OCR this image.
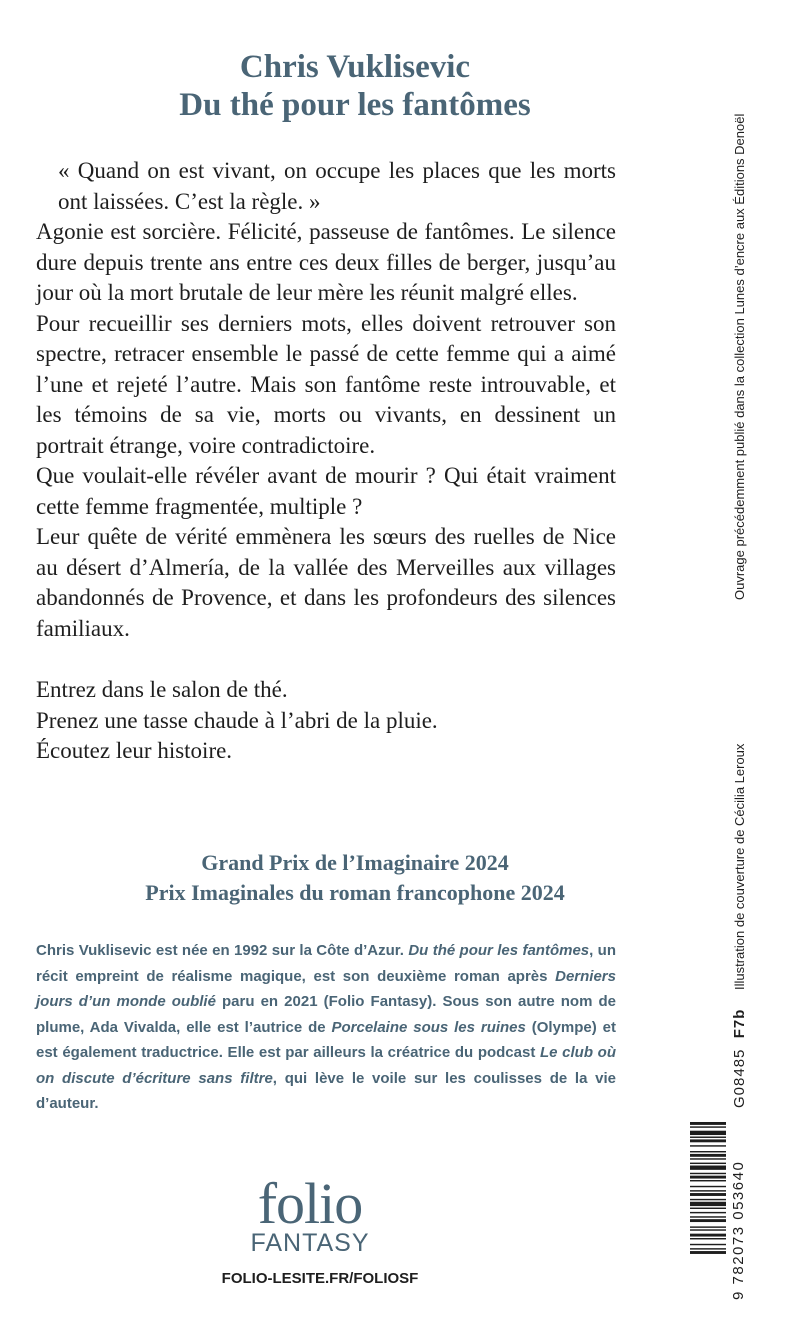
Chris Vuklisevic
Du thé pour les fantômes

« Quand on est vivant, on occupe les places que les morts ont laissées. C’est la règle. »

Agonie est sorcière. Félicité, passeuse de fantômes. Le silence dure depuis trente ans entre ces deux filles de berger, jusqu’au jour où la mort brutale de leur mère les réunit malgré elles.

Pour recueillir ses derniers mots, elles doivent retrouver son spectre, retracer ensemble le passé de cette femme qui a aimé l’une et rejeté l’autre. Mais son fantôme reste introuvable, et les témoins de sa vie, morts ou vivants, en dessinent un portrait étrange, voire contradictoire.

Que voulait-elle révéler avant de mourir ? Qui était vraiment cette femme fragmentée, multiple ?

Leur quête de vérité emmènera les sœurs des ruelles de Nice au désert d’Almería, de la vallée des Merveilles aux villages abandonnés de Provence, et dans les profondeurs des silences familiaux.

Entrez dans le salon de thé.

Prenez une tasse chaude à l’abri de la pluie.

Écoutez leur histoire.

Grand Prix de l’Imaginaire 2024
Prix Imaginales du roman francophone 2024
Chris Vuklisevic est née en 1992 sur la Côte d’Azur. Du thé pour les fantômes, un récit empreint de réalisme magique, est son deuxième roman après Derniers jours d’un monde oublié paru en 2021 (Folio Fantasy). Sous son autre nom de plume, Ada Vivalda, elle est l’autrice de Porcelaine sous les ruines (Olympe) et est également traductrice. Elle est par ailleurs la créatrice du podcast Le club où on discute d’écriture sans filtre, qui lève le voile sur les coulisses de la vie d’auteur.
folio
FANTASY
FOLIO-LESITE.FR/FOLIOSF
Ouvrage précédemment publié dans la collection Lunes d’encre aux Éditions Denoël
Illustration de couverture de Cécilia Leroux
G08485  F7b
9 782073 053640
